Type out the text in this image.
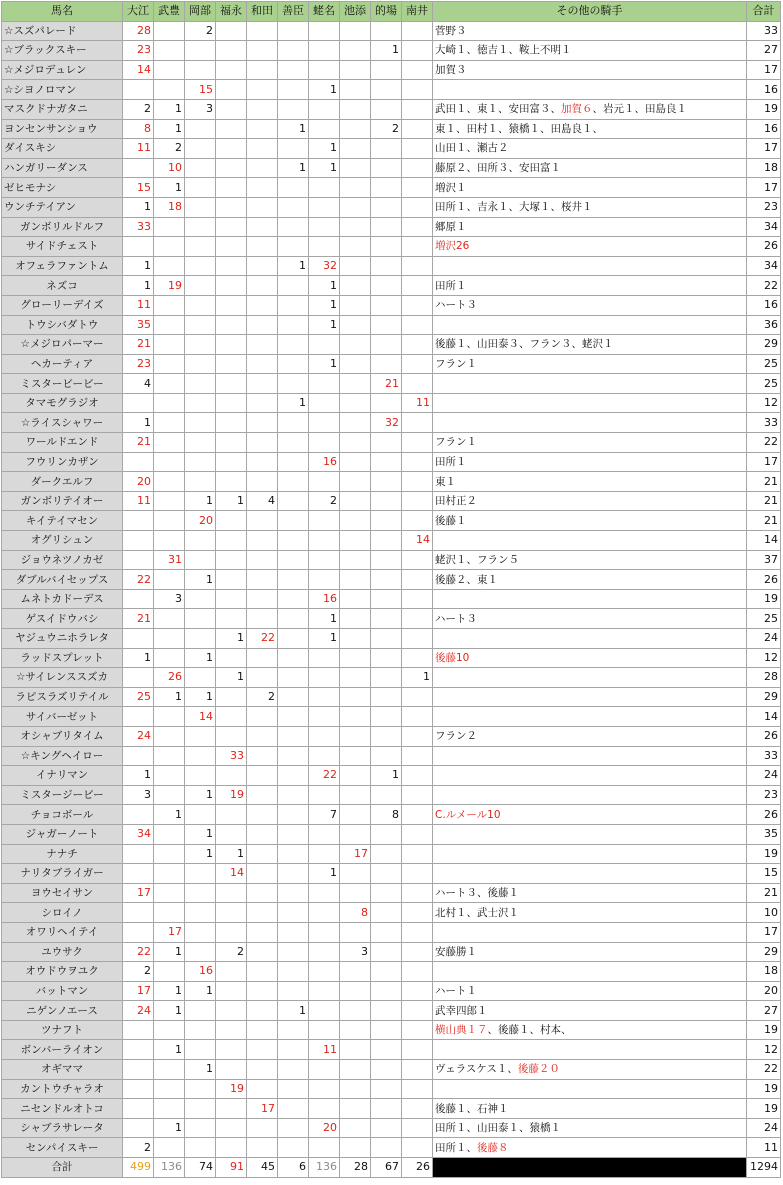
馬名	大江	武豊	岡部	福永	和田	善臣	蛯名	池添	的場	南井	その他の騎手	合計
☆スズパレード	28		2								菅野３	33
☆ブラックスキー	23								1		大崎１、徳吉１、鞍上不明１	27
☆メジロデュレン	14										加賀３	17
☆シヨノロマン			15				1					16
マスクドナガタニ	2	1	3								武田１、東１、安田富３、加賀６、岩元１、田島良１	19
ヨンセンサンショウ	8	1				1			2		東１、田村１、猿橋１、田島良１、	16
ダイスキシ	11	2					1				山田１、瀬古２	17
ハンガリーダンス		10				1	1				藤原２、田所３、安田富１	18
ゼヒモナシ	15	1									増沢１	17
ウンチテイアン	1	18									田所１、吉永１、大塚１、桜井１	23
ガンボリルドルフ	33										郷原１	34
サイドチェスト											増沢26	26
オフェラファントム	1					1	32					34
ネズコ	1	19					1				田所１	22
グローリーデイズ	11						1				ハート３	16
トウシバダトウ	35						1					36
☆メジロパーマー	21										後藤１、山田泰３、フラン３、蛯沢１	29
ヘカーティア	23						1				フラン１	25
ミスタービービー	4								21			25
タマモグラジオ						1				11		12
☆ライスシャワー	1								32			33
ワールドエンド	21										フラン１	22
フウリンカザン							16				田所１	17
ダークエルフ	20										東１	21
ガンボリテイオー	11		1	1	4		2				田村正２	21
キイテイマセン			20								後藤１	21
オグリシュン										14		14
ジョウネツノカゼ		31									蛯沢１、フラン５	37
ダブルバイセップス	22		1								後藤２、東１	26
ムネトカドーデス		3					16					19
ゲスイドウバシ	21						1				ハート３	25
ヤジュウニホラレタ				1	22		1					24
ラッドスプレット	1		1								後藤10	12
☆サイレンススズカ		26		1						1		28
ラピスラズリテイル	25	1	1		2							29
サイバーゼット			14									14
オシャブリタイム	24										フラン２	26
☆キングヘイロー				33								33
イナリマン	1						22		1			24
ミスタージービー	3		1	19								23
チョコボール		1					7		8		C.ルメール10	26
ジャガーノート	34		1									35
ナナチ			1	1				17				19
ナリタブライガー				14			1					15
ヨウセイサン	17										ハート３、後藤１	21
シロイノ								8			北村１、武士沢１	10
オワリヘイテイ		17										17
ユウサク	22	1		2				3			安藤勝１	29
オウドウヲユク	2		16									18
バットマン	17	1	1								ハート１	20
ニゲンノエース	24	1				1					武幸四郎１	27
ツナフト											横山典１７、後藤１、村本、	19
ボンバーライオン		1					11					12
オギママ			1								ヴェラスケス１、後藤２０	22
カントウチャラオ				19								19
ニセンドルオトコ					17						後藤１、石神１	19
シャブラサレータ		1					20				田所１、山田泰１、猿橋１	24
センパイスキー	2										田所１、後藤８	11
合計	499	136	74	91	45	6	136	28	67	26		1294
